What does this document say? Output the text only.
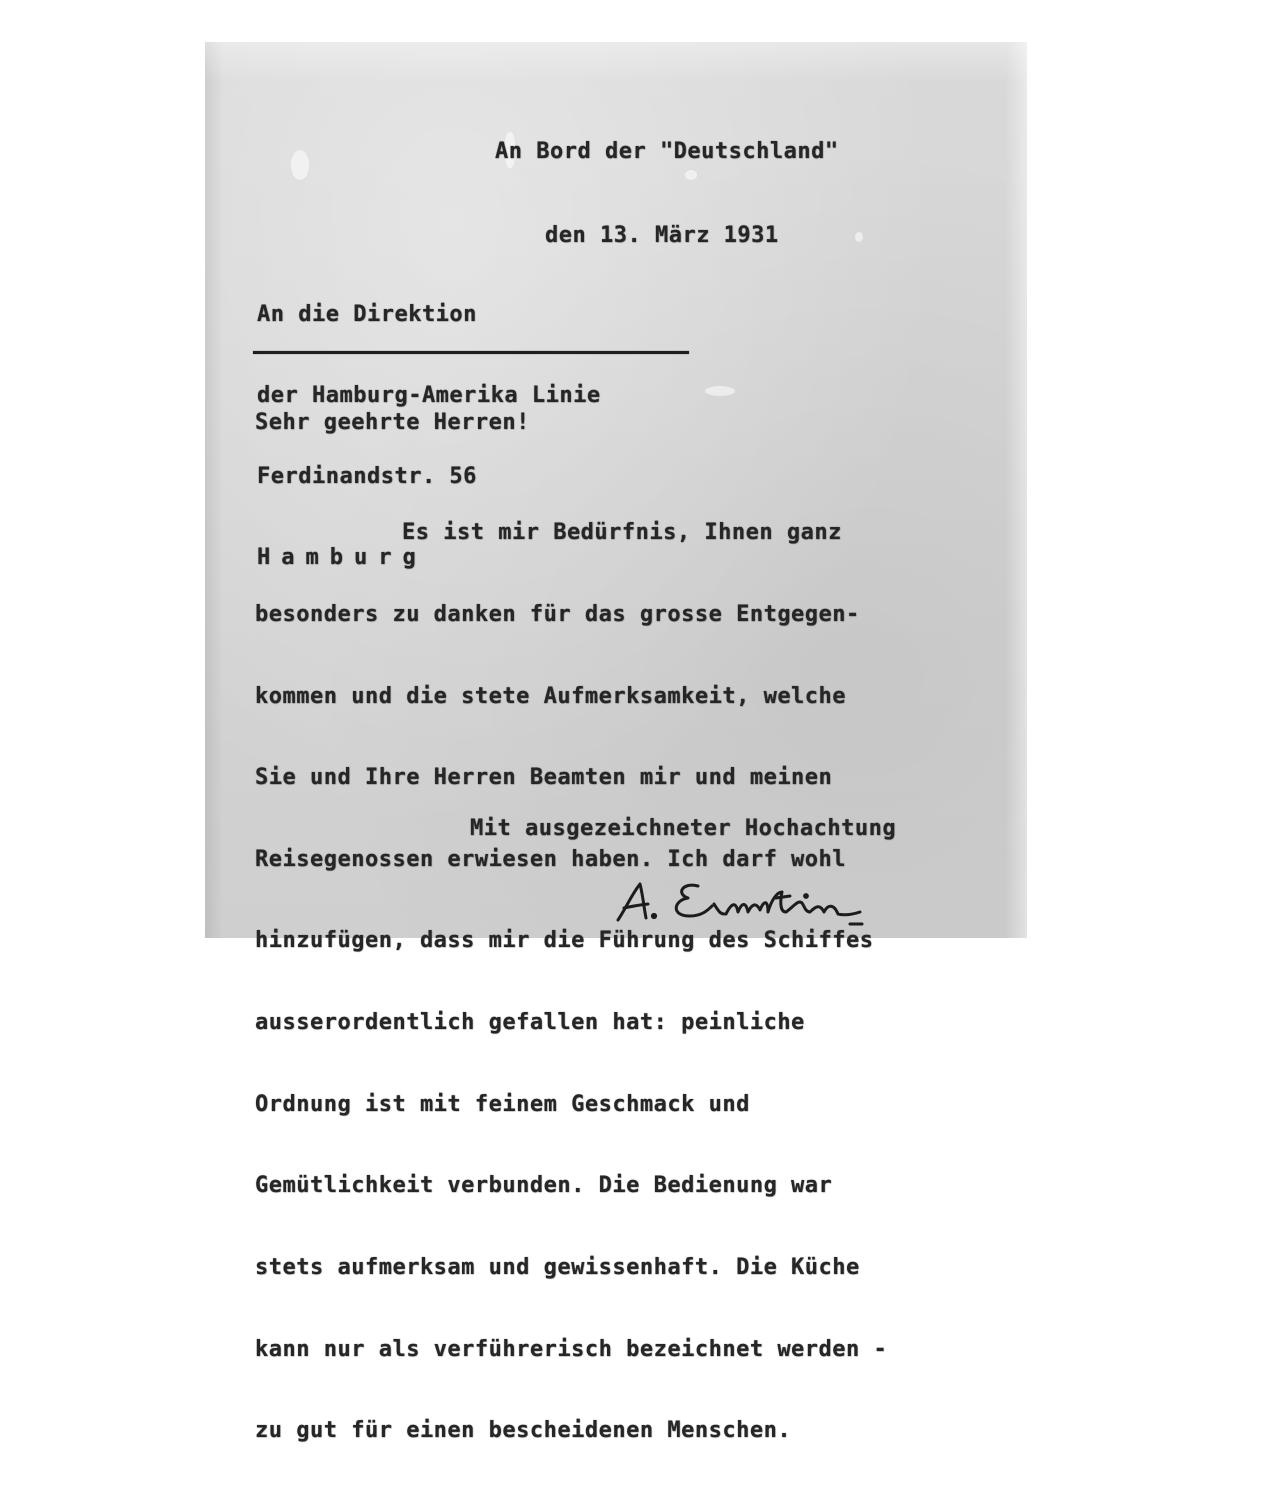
An Bord der "Deutschland"

den 13. März 1931

An die Direktion

der Hamburg-Amerika Linie

Ferdinandstr. 56

Hamburg

Sehr geehrte Herren!

Es ist mir Bedürfnis, Ihnen ganz

besonders zu danken für das grosse Entgegen-

kommen und die stete Aufmerksamkeit, welche

Sie und Ihre Herren Beamten mir und meinen

Reisegenossen erwiesen haben. Ich darf wohl

hinzufügen, dass mir die Führung des Schiffes

ausserordentlich gefallen hat: peinliche

Ordnung ist mit feinem Geschmack und

Gemütlichkeit verbunden. Die Bedienung war

stets aufmerksam und gewissenhaft. Die Küche

kann nur als verführerisch bezeichnet werden -

zu gut für einen bescheidenen Menschen.

Mit ausgezeichneter Hochachtung
